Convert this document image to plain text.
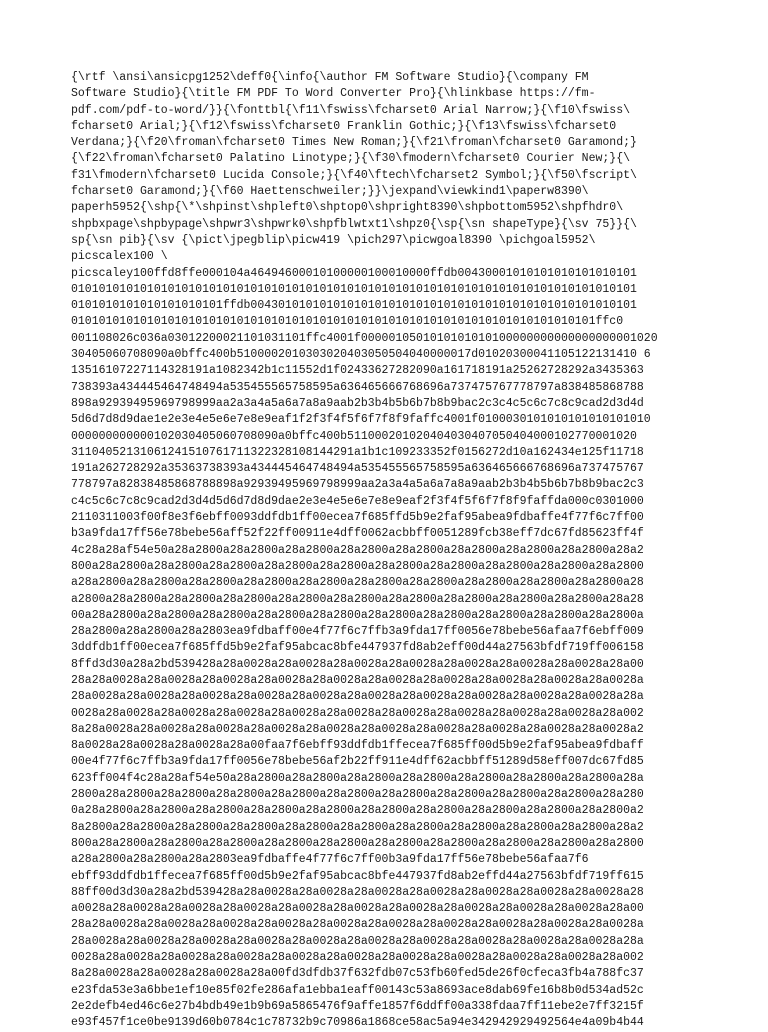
{\rtf \ansi\ansicpg1252\deff0{\info{\author FM Software Studio}{\company FM
Software Studio}{\title FM PDF To Word Converter Pro}{\hlinkbase https://fm-
pdf.com/pdf-to-word/}}{\fonttbl{\f11\fswiss\fcharset0 Arial Narrow;}{\f10\fswiss\
fcharset0 Arial;}{\f12\fswiss\fcharset0 Franklin Gothic;}{\f13\fswiss\fcharset0
Verdana;}{\f20\froman\fcharset0 Times New Roman;}{\f21\froman\fcharset0 Garamond;}
{\f22\froman\fcharset0 Palatino Linotype;}{\f30\fmodern\fcharset0 Courier New;}{\
f31\fmodern\fcharset0 Lucida Console;}{\f40\ftech\fcharset2 Symbol;}{\f50\fscript\
fcharset0 Garamond;}{\f60 Haettenschweiler;}}\jexpand\viewkind1\paperw8390\
paperh5952{\shp{\*\shpinst\shpleft0\shptop0\shpright8390\shpbottom5952\shpfhdr0\
shpbxpage\shpbypage\shpwr3\shpwrk0\shpfblwtxt1\shpz0{\sp{\sn shapeType}{\sv 75}}{\
sp{\sn pib}{\sv {\pict\jpegblip\picw419 \pich297\picwgoal8390 \pichgoal5952\
picscalex100 \
picscaley100ffd8ffe000104a46494600010100000100010000ffdb00430001010101010101010101
0101010101010101010101010101010101010101010101010101010101010101010101010101010101
0101010101010101010101ffdb00430101010101010101010101010101010101010101010101010101
0101010101010101010101010101010101010101010101010101010101010101010101010101ffc0
001108026c036a03012200021101031101ffc4001f0000010501010101010100000000000000000001020
30405060708090a0bffc400b5100002010303020403050504040000017d01020300041105122131410 6
13516107227114328191a1082342b1c11552d1f02433627282090a161718191a25262728292a3435363
738393a434445464748494a535455565758595a636465666768696a737475767778797a838485868788
898a92939495969798999aa2a3a4a5a6a7a8a9aab2b3b4b5b6b7b8b9bac2c3c4c5c6c7c8c9cad2d3d4d
5d6d7d8d9dae1e2e3e4e5e6e7e8e9eaf1f2f3f4f5f6f7f8f9faffc4001f0100030101010101010101010
000000000000102030405060708090a0bffc400b511000201020404030407050404000102770001020
31104052131061241510761711322328108144291a1b1c109233352f0156272d10a162434e125f11718
191a262728292a35363738393a434445464748494a535455565758595a636465666768696a737475767
778797a82838485868788898a92939495969798999aa2a3a4a5a6a7a8a9aab2b3b4b5b6b7b8b9bac2c3
c4c5c6c7c8c9cad2d3d4d5d6d7d8d9dae2e3e4e5e6e7e8e9eaf2f3f4f5f6f7f8f9faffda000c0301000
2110311003f00f8e3f6ebff0093ddfdb1ff00ecea7f685ffd5b9e2faf95abea9fdbaffe4f77f6c7ff00
b3a9fda17ff56e78bebe56aff52f22ff00911e4dff0062acbbff0051289fcb38eff7dc67fd85623ff4f
4c28a28af54e50a28a2800a28a2800a28a2800a28a2800a28a2800a28a2800a28a2800a28a2800a28a2
800a28a2800a28a2800a28a2800a28a2800a28a2800a28a2800a28a2800a28a2800a28a2800a28a2800
a28a2800a28a2800a28a2800a28a2800a28a2800a28a2800a28a2800a28a2800a28a2800a28a2800a28
a2800a28a2800a28a2800a28a2800a28a2800a28a2800a28a2800a28a2800a28a2800a28a2800a28a28
00a28a2800a28a2800a28a2800a28a2800a28a2800a28a2800a28a2800a28a2800a28a2800a28a2800a
28a2800a28a2800a28a2803ea9fdbaff00e4f77f6c7ffb3a9fda17ff0056e78bebe56afaa7f6ebff009
3ddfdb1ff00ecea7f685ffd5b9e2faf95abcac8bfe447937fd8ab2eff00d44a27563bfdf719ff006158
8ffd3d30a28a2bd539428a28a0028a28a0028a28a0028a28a0028a28a0028a28a0028a28a0028a28a00
28a28a0028a28a0028a28a0028a28a0028a28a0028a28a0028a28a0028a28a0028a28a0028a28a0028a
28a0028a28a0028a28a0028a28a0028a28a0028a28a0028a28a0028a28a0028a28a0028a28a0028a28a
0028a28a0028a28a0028a28a0028a28a0028a28a0028a28a0028a28a0028a28a0028a28a0028a28a002
8a28a0028a28a0028a28a0028a28a0028a28a0028a28a0028a28a0028a28a0028a28a0028a28a0028a2
8a0028a28a0028a28a0028a28a00faa7f6ebff93ddfdb1ffecea7f685ff00d5b9e2faf95abea9fdbaff
00e4f77f6c7ffb3a9fda17ff0056e78bebe56af2b22ff911e4dff62acbbff51289d58eff007dc67fd85
623ff004f4c28a28af54e50a28a2800a28a2800a28a2800a28a2800a28a2800a28a2800a28a2800a28a
2800a28a2800a28a2800a28a2800a28a2800a28a2800a28a2800a28a2800a28a2800a28a2800a28a280
0a28a2800a28a2800a28a2800a28a2800a28a2800a28a2800a28a2800a28a2800a28a2800a28a2800a2
8a2800a28a2800a28a2800a28a2800a28a2800a28a2800a28a2800a28a2800a28a2800a28a2800a28a2
800a28a2800a28a2800a28a2800a28a2800a28a2800a28a2800a28a2800a28a2800a28a2800a28a2800
a28a2800a28a2800a28a2803ea9fdbaffe4f77f6c7ff00b3a9fda17ff56e78bebe56afaa7f6
ebff93ddfdb1ffecea7f685ff00d5b9e2faf95abcac8bfe447937fd8ab2effd44a27563bfdf719ff615
88ff00d3d30a28a2bd539428a28a0028a28a0028a28a0028a28a0028a28a0028a28a0028a28a0028a28
a0028a28a0028a28a0028a28a0028a28a0028a28a0028a28a0028a28a0028a28a0028a28a0028a28a00
28a28a0028a28a0028a28a0028a28a0028a28a0028a28a0028a28a0028a28a0028a28a0028a28a0028a
28a0028a28a0028a28a0028a28a0028a28a0028a28a0028a28a0028a28a0028a28a0028a28a0028a28a
0028a28a0028a28a0028a28a0028a28a0028a28a0028a28a0028a28a0028a28a0028a28a0028a28a002
8a28a0028a28a0028a28a0028a28a00fd3dfdb37f632fdb07c53fb60fed5de26f0cfeca3fb4a788fc37
e23fda53e3a6bbe1ef10e85f02fe286afa1ebba1eaff00143c53a8693ace8dab69fe16b8b0d534ad52c
2e2defb4ed46c6e27b4bdb49e1b9b69a5865476f9affe1857f6ddff00a338fdaa7ff11ebe2e7ff3215f
e93f457f1ce0be9139d60b0784c1c78732b9c70986a1868ce58ac5a94e342942929492564e4a09b4b44
